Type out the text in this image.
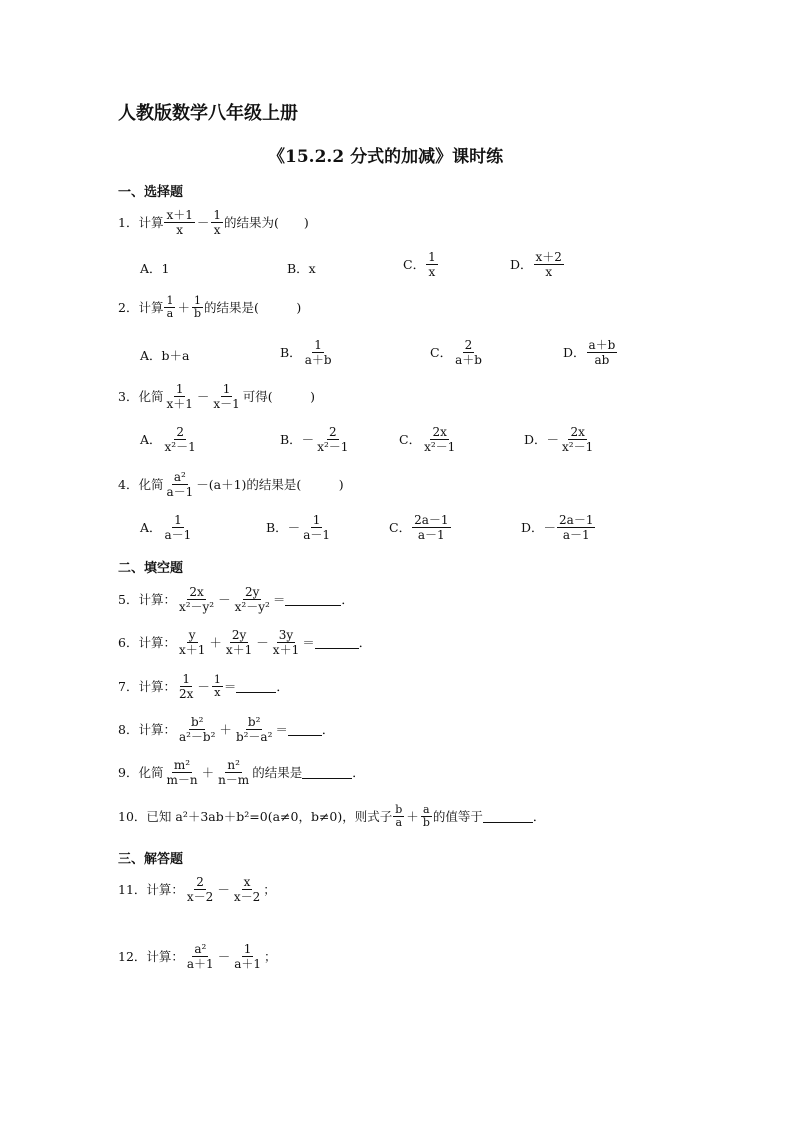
人教版数学八年级上册
《15.2.2 分式的加减》课时练
一、选择题
1．计算 $\frac{x+1}{x} - \frac{1}{x}$ 的结果为(　　)
A．1	B．x	C． $\frac{1}{x}$	D． $\frac{x+2}{x}$
2．计算 $\frac{1}{a} + \frac{1}{b}$ 的结果是(　　　)
A．b＋a	B． $\frac{1}{a+b}$	C． $\frac{2}{a+b}$	D． $\frac{a+b}{ab}$
3．化简 $\frac{1}{x+1} - \frac{1}{x-1}$ 可得(　　　)
A． $\frac{2}{\text{x²－1}}$	B．－ $\frac{2}{\text{x²－1}}$	C． $\frac{2x}{\text{x²－1}}$	D．－ $\frac{2x}{\text{x²－1}}$
4．化简 $\frac{\text{a²}}{a-1} -(a+1)$的结果是(　　　)
A． $\frac{1}{a-1}$	B．－ $\frac{1}{a-1}$	C． $\frac{2a-1}{a-1}$	D．－ $\frac{2a-1}{a-1}$
二、填空题
5．计算： $\frac{2x}{\text{x²－y²}} - \frac{2y}{\text{x²－y²}}$ ＝	．
6．计算： $\frac{y}{x+1} + \frac{2y}{x+1} - \frac{3y}{x+1}$ ＝	．
7．计算： $\frac{1}{2x} - \frac{1}{x}$ ＝	．
8．计算： $\frac{\text{b²}}{\text{a²－b²}} + \frac{\text{b²}}{\text{b²－a²}}$ ＝	．
9．化简 $\frac{\text{m²}}{m-n} + \frac{\text{n²}}{n-m}$ 的结果是	．
10．已知 a²＋3ab＋b²=0(a≠0，b≠0)，则式子 $\frac{b}{a} + \frac{a}{b}$ 的值等于	．
三、解答题
11．计算： $\frac{2}{x-2} - \frac{x}{x-2}$ ；
12．计算： $\frac{\text{a²}}{a+1} - \frac{1}{a+1}$ ；
